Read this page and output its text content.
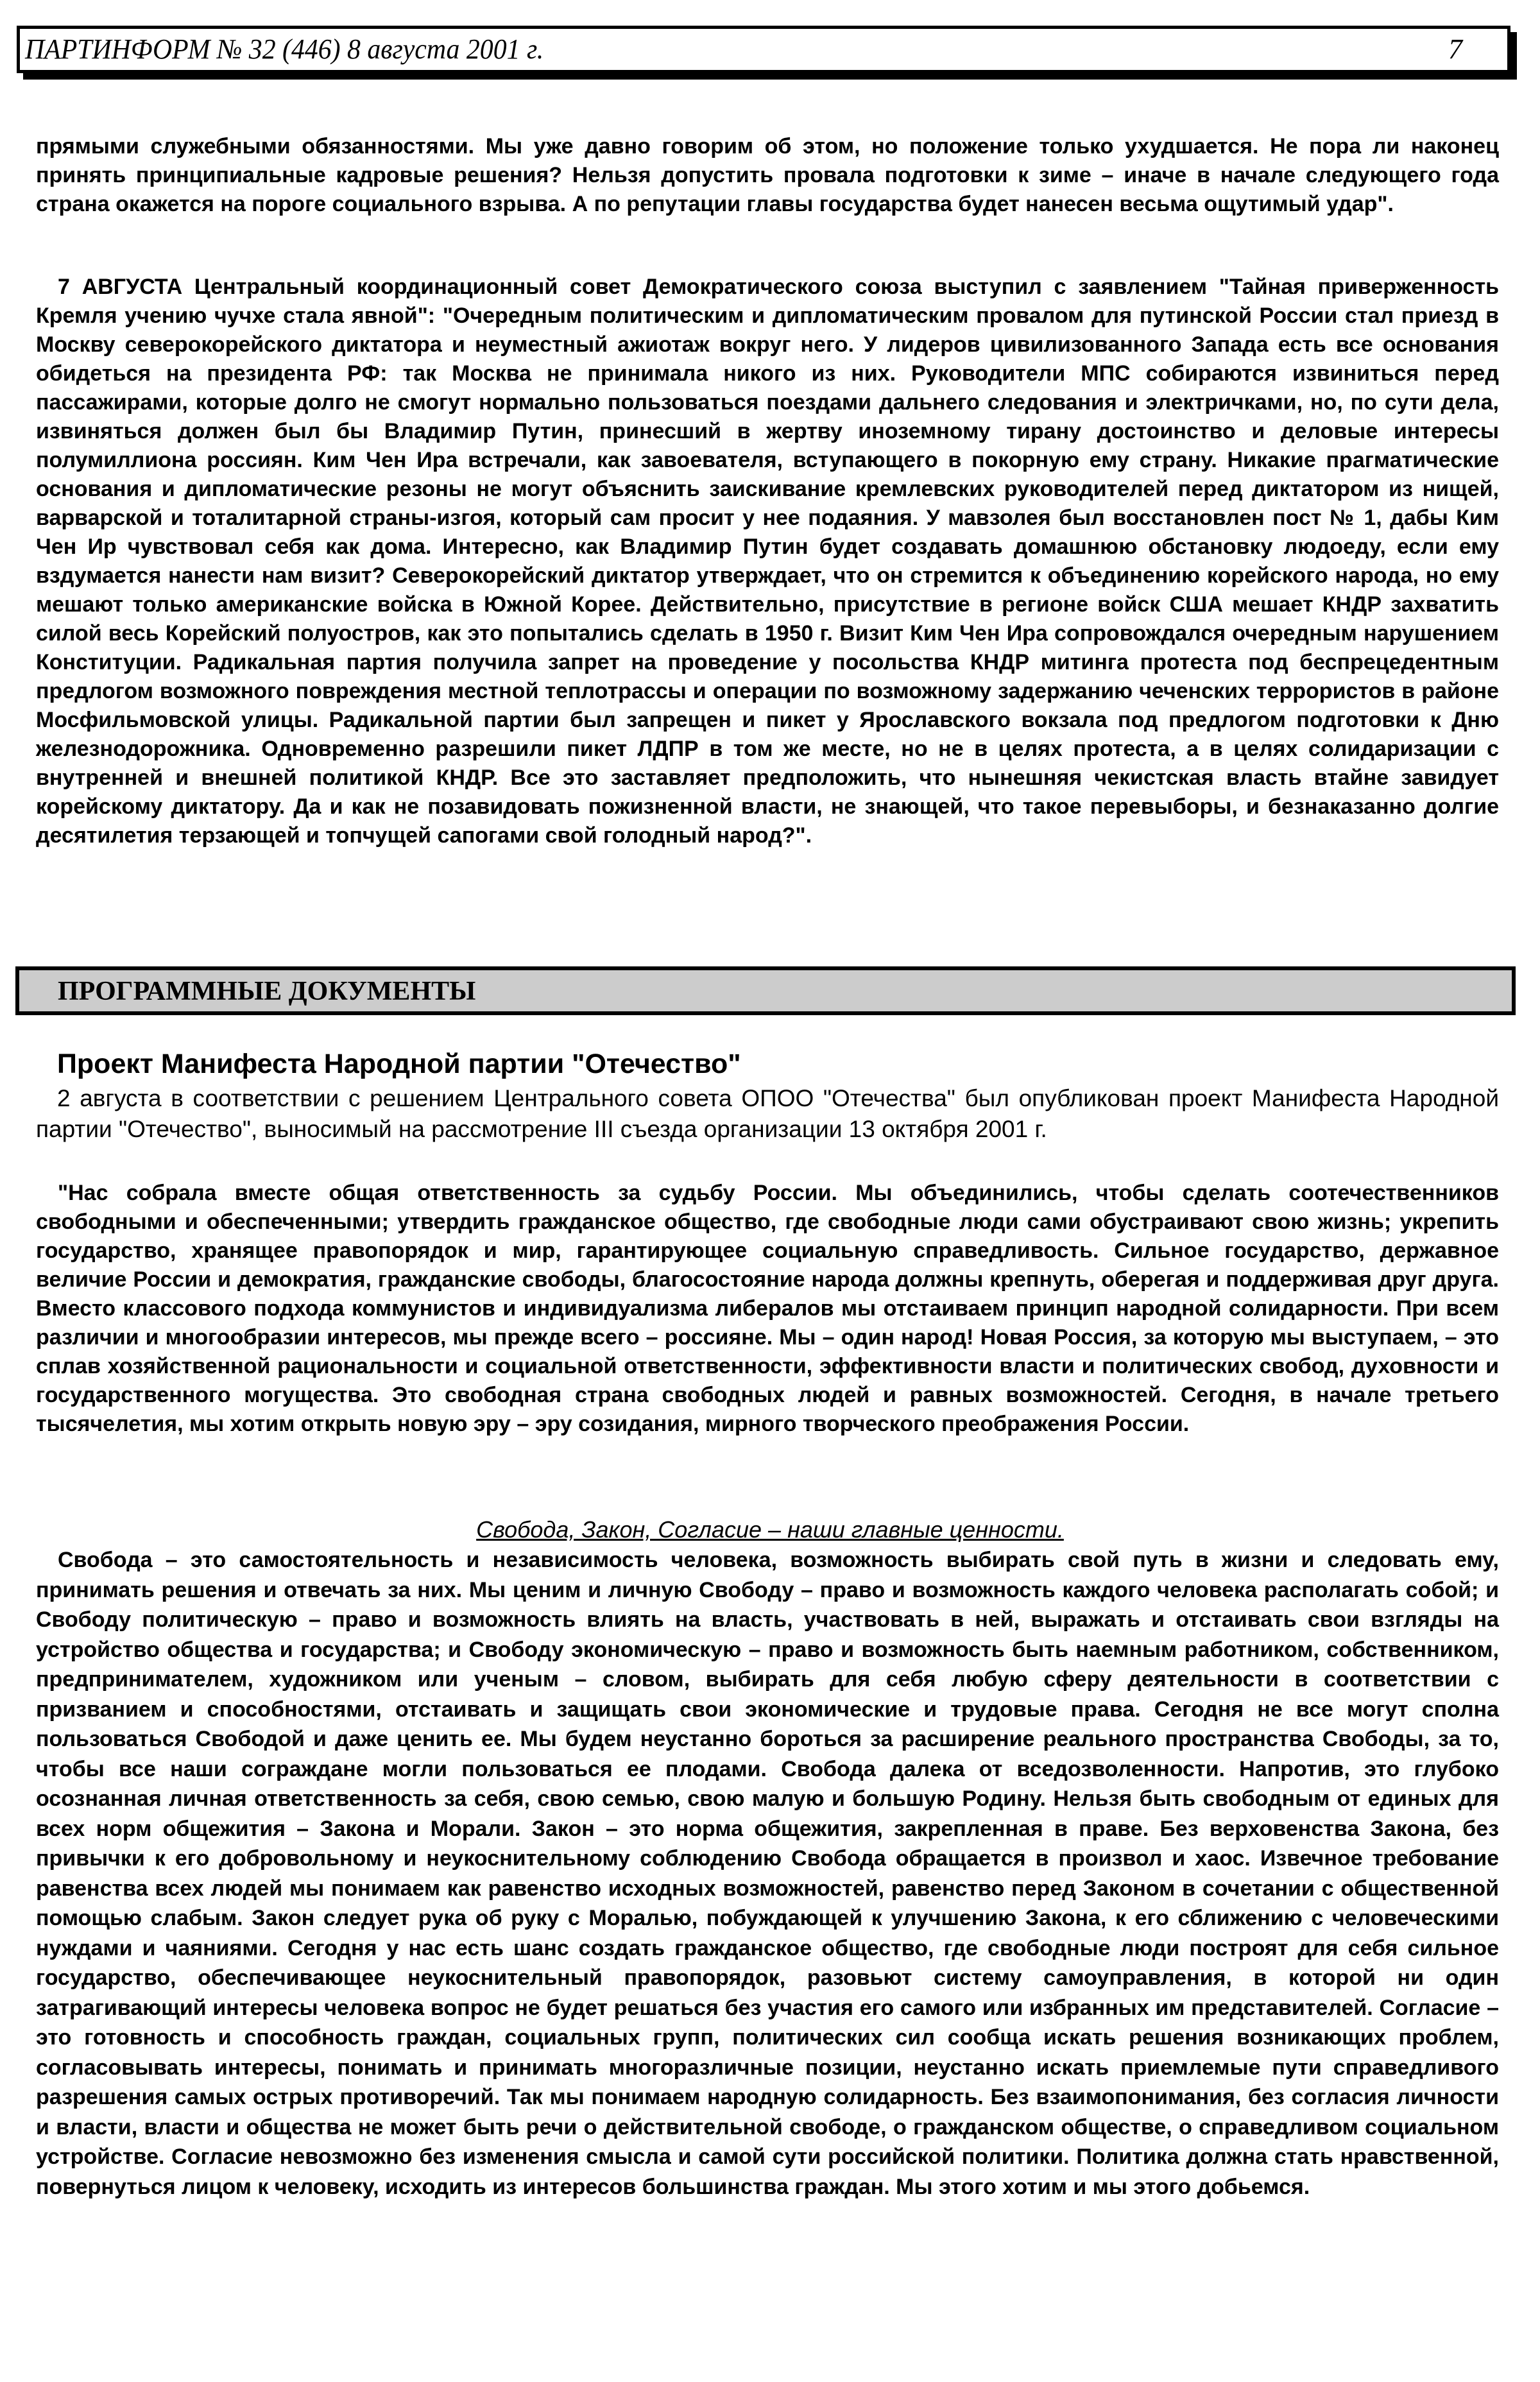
ПАРТИНФОРМ № 32 (446) 8 августа 2001 г.	7
прямыми служебными обязанностями. Мы уже давно говорим об этом, но положение только ухудшается. Не пора ли наконец принять принципиальные кадровые решения? Нельзя допустить провала подготовки к зиме – иначе в начале следующего года страна окажется на пороге социального взрыва. А по репутации главы государства будет нанесен весьма ощутимый удар".
7 АВГУСТА Центральный координационный совет Демократического союза выступил с заявлением "Тайная приверженность Кремля учению чучхе стала явной": "Очередным политическим и дипломатическим провалом для путинской России стал приезд в Москву северокорейского диктатора и неуместный ажиотаж вокруг него. У лидеров цивилизованного Запада есть все основания обидеться на президента РФ: так Москва не принимала никого из них. Руководители МПС собираются извиниться перед пассажирами, которые долго не смогут нормально пользоваться поездами дальнего следования и электричками, но, по сути дела, извиняться должен был бы Владимир Путин, принесший в жертву иноземному тирану достоинство и деловые интересы полумиллиона россиян. Ким Чен Ира встречали, как завоевателя, вступающего в покорную ему страну. Никакие прагматические основания и дипломатические резоны не могут объяснить заискивание кремлевских руководителей перед диктатором из нищей, варварской и тоталитарной страны-изгоя, который сам просит у нее подаяния. У мавзолея был восстановлен пост № 1, дабы Ким Чен Ир чувствовал себя как дома. Интересно, как Владимир Путин будет создавать домашнюю обстановку людоеду, если ему вздумается нанести нам визит? Северокорейский диктатор утверждает, что он стремится к объединению корейского народа, но ему мешают только американские войска в Южной Корее. Действительно, присутствие в регионе войск США мешает КНДР захватить силой весь Корейский полуостров, как это попытались сделать в 1950 г. Визит Ким Чен Ира сопровождался очередным нарушением Конституции. Радикальная партия получила запрет на проведение у посольства КНДР митинга протеста под беспрецедентным предлогом возможного повреждения местной теплотрассы и операции по возможному задержанию чеченских террористов в районе Мосфильмовской улицы. Радикальной партии был запрещен и пикет у Ярославского вокзала под предлогом подготовки к Дню железнодорожника. Одновременно разрешили пикет ЛДПР в том же месте, но не в целях протеста, а в целях солидаризации с внутренней и внешней политикой КНДР. Все это заставляет предположить, что нынешняя чекистская власть втайне завидует корейскому диктатору. Да и как не позавидовать пожизненной власти, не знающей, что такое перевыборы, и безнаказанно долгие десятилетия терзающей и топчущей сапогами свой голодный народ?".
ПРОГРАММНЫЕ ДОКУМЕНТЫ
Проект Манифеста Народной партии "Отечество"
2 августа в соответствии с решением Центрального совета ОПОО "Отечества" был опубликован проект Манифеста Народной партии "Отечество", выносимый на рассмотрение III съезда организации 13 октября 2001 г.
"Нас собрала вместе общая ответственность за судьбу России. Мы объединились, чтобы сделать соотечественников свободными и обеспеченными; утвердить гражданское общество, где свободные люди сами обустраивают свою жизнь; укрепить государство, хранящее правопорядок и мир, гарантирующее социальную справедливость. Сильное государство, державное величие России и демократия, гражданские свободы, благосостояние народа должны крепнуть, оберегая и поддерживая друг друга. Вместо классового подхода коммунистов и индивидуализма либералов мы отстаиваем принцип народной солидарности. При всем различии и многообразии интересов, мы прежде всего – россияне. Мы – один народ! Новая Россия, за которую мы выступаем, – это сплав хозяйственной рациональности и социальной ответственности, эффективности власти и политических свобод, духовности и государственного могущества. Это свободная страна свободных людей и равных возможностей. Сегодня, в начале третьего тысячелетия, мы хотим открыть новую эру – эру созидания, мирного творческого преображения России.
Свобода, Закон, Согласие – наши главные ценности.
Свобода – это самостоятельность и независимость человека, возможность выбирать свой путь в жизни и следовать ему, принимать решения и отвечать за них. Мы ценим и личную Свободу – право и возможность каждого человека располагать собой; и Свободу политическую – право и возможность влиять на власть, участвовать в ней, выражать и отстаивать свои взгляды на устройство общества и государства; и Свободу экономическую – право и возможность быть наемным работником, собственником, предпринимателем, художником или ученым – словом, выбирать для себя любую сферу деятельности в соответствии с призванием и способностями, отстаивать и защищать свои экономические и трудовые права. Сегодня не все могут сполна пользоваться Свободой и даже ценить ее. Мы будем неустанно бороться за расширение реального пространства Свободы, за то, чтобы все наши сограждане могли пользоваться ее плодами. Свобода далека от вседозволенности. Напротив, это глубоко осознанная личная ответственность за себя, свою семью, свою малую и большую Родину. Нельзя быть свободным от единых для всех норм общежития – Закона и Морали. Закон – это норма общежития, закрепленная в праве. Без верховенства Закона, без привычки к его добровольному и неукоснительному соблюдению Свобода обращается в произвол и хаос. Извечное требование равенства всех людей мы понимаем как равенство исходных возможностей, равенство перед Законом в сочетании с общественной помощью слабым. Закон следует рука об руку с Моралью, побуждающей к улучшению Закона, к его сближению с человеческими нуждами и чаяниями. Сегодня у нас есть шанс создать гражданское общество, где свободные люди построят для себя сильное государство, обеспечивающее неукоснительный правопорядок, разовьют систему самоуправления, в которой ни один затрагивающий интересы человека вопрос не будет решаться без участия его самого или избранных им представителей. Согласие – это готовность и способность граждан, социальных групп, политических сил сообща искать решения возникающих проблем, согласовывать интересы, понимать и принимать многоразличные позиции, неустанно искать приемлемые пути справедливого разрешения самых острых противоречий. Так мы понимаем народную солидарность. Без взаимопонимания, без согласия личности и власти, власти и общества не может быть речи о действительной свободе, о гражданском обществе, о справедливом социальном устройстве. Согласие невозможно без изменения смысла и самой сути российской политики. Политика должна стать нравственной, повернуться лицом к человеку, исходить из интересов большинства граждан. Мы этого хотим и мы этого добьемся.
